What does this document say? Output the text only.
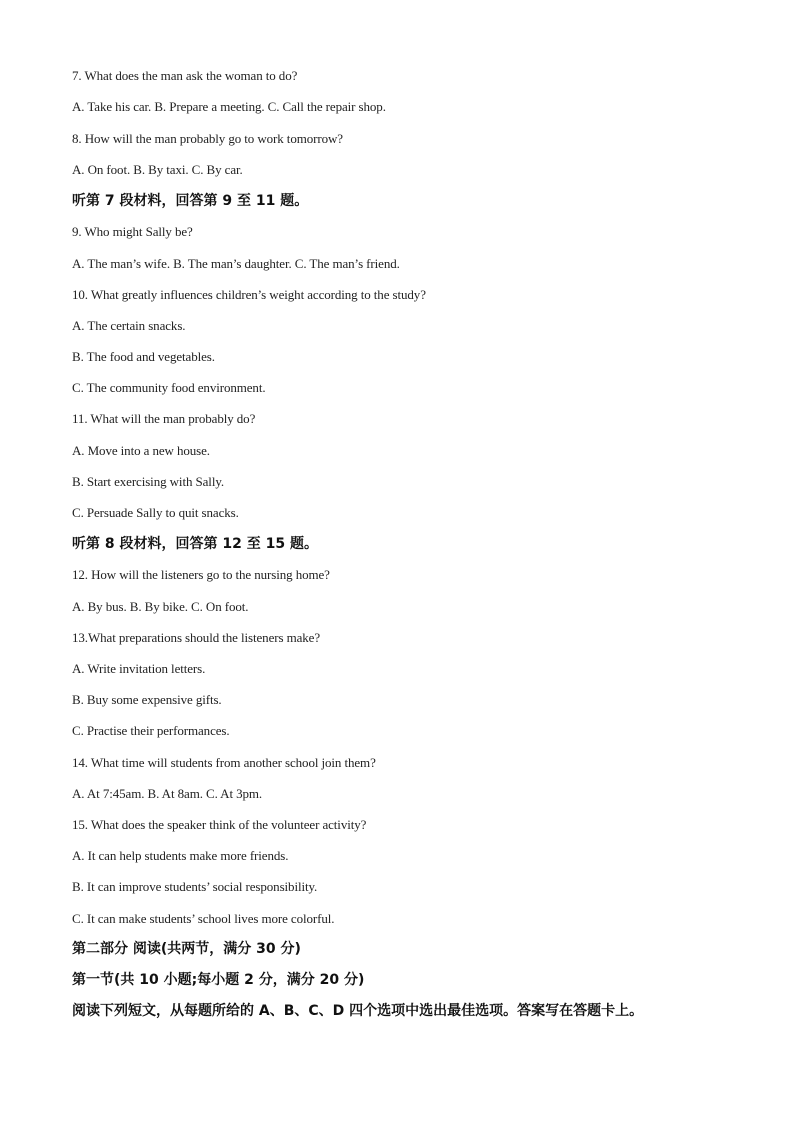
7. What does the man ask the woman to do?
A. Take his car. B. Prepare a meeting. C. Call the repair shop.
8. How will the man probably go to work tomorrow?
A. On foot. B. By taxi. C. By car.
听第 7 段材料，回答第 9 至 11 题。
9. Who might Sally be?
A. The man’s wife. B. The man’s daughter. C. The man’s friend.
10. What greatly influences children’s weight according to the study?
A. The certain snacks.
B. The food and vegetables.
C. The community food environment.
11. What will the man probably do?
A. Move into a new house.
B. Start exercising with Sally.
C. Persuade Sally to quit snacks.
听第 8 段材料，回答第 12 至 15 题。
12. How will the listeners go to the nursing home?
A. By bus. B. By bike. C. On foot.
13.What preparations should the listeners make?
A. Write invitation letters.
B. Buy some expensive gifts.
C. Practise their performances.
14. What time will students from another school join them?
A. At 7:45am. B. At 8am. C. At 3pm.
15. What does the speaker think of the volunteer activity?
A. It can help students make more friends.
B. It can improve students’ social responsibility.
C. It can make students’ school lives more colorful.
第二部分 阅读(共两节，满分 30 分)
第一节(共 10 小题;每小题 2 分，满分 20 分)
阅读下列短文，从每题所给的 A、B、C、D 四个选项中选出最佳选项。答案写在答题卡上。
